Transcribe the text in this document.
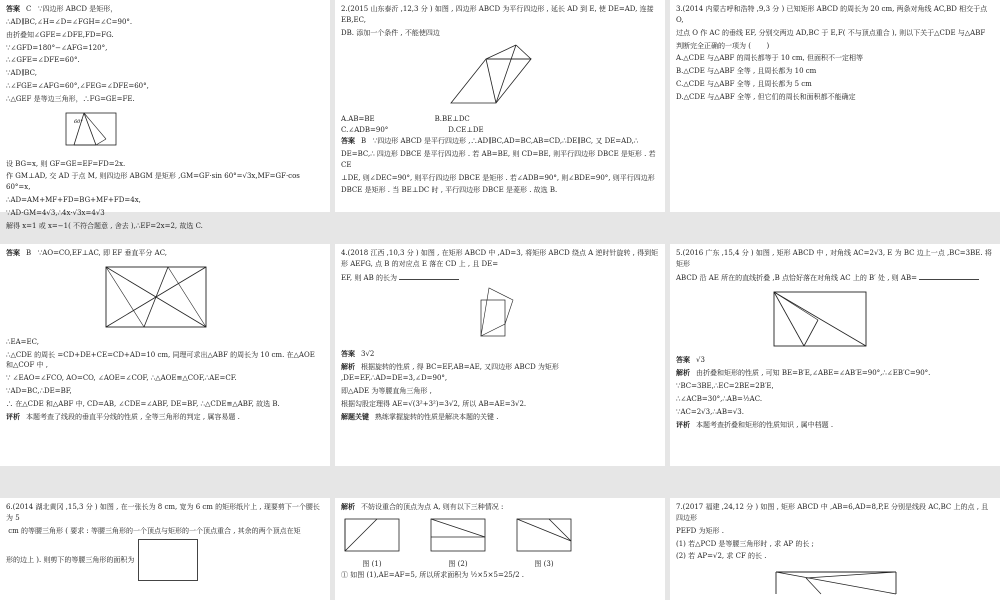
答案 C   ∵四边形 ABCD 是矩形，

∴AD∥BC,∠H=∠D=∠FGH=∠C=90°.

由折叠知∠GFE=∠DFE,FD=FG.

∵∠GFD=180°−∠AFG=120°,

∴∠GFE=∠DFE=60°.

∵AD∥BC,

∴∠FGE=∠AFG=60°,∠FEG=∠DFE=60°,

∴△GEF 是等边三角形，∴FG=GE=FE.

60°

设 BG=x, 则 GF=GE=EF=FD=2x.

作 GM⊥AD, 交 AD 于点 M, 则四边形 ABGM 是矩形 ,GM=GF·sin 60°=√3x,MF=GF·cos 60°=x,

∴AD=AM+MF+FD=BG+MF+FD=4x,

∵AD·GM=4√3,∴4x·√3x=4√3

解得 x=1 或 x=−1( 不符合题意 , 舍去 ),∴EF=2x=2, 故选 C.

2.(2015 山东泰沂 ,12,3 分 ) 如图 , 四边形 ABCD 为平行四边形 , 延长 AD 到 E, 使 DE=AD, 连接 EB,EC,

DB. 添加一个条件 , 不能使四边

A.AB=BE	B.BE⊥DC
C.∠ADB=90°	D.CE⊥DE

答案 B   ∵四边形 ABCD 是平行四边形 ,∴AD∥BC,AD=BC,AB=CD,∴DE∥BC, 又 DE=AD,∴

DE=BC,∴ 四边形 DBCE 是平行四边形 . 若 AB=BE, 则 CD=BE, 则平行四边形 DBCE 是矩形 . 若 CE

⊥DE, 则∠DEC=90°, 则平行四边形 DBCE 是矩形 . 若∠ADB=90°, 则∠BDE=90°, 则平行四边形

DBCE 是矩形 . 当 BE⊥DC 时 , 平行四边形 DBCE 是菱形 . 故选 B.

3.(2014 内蒙古呼和浩特 ,9,3 分 ) 已知矩形 ABCD 的周长为 20 cm, 两条对角线 AC,BD 相交于点 O,

过点 O 作 AC 的垂线 EF, 分别交两边 AD,BC 于 E,F( 不与顶点重合 ), 则以下关于△CDE 与△ABF

判断完全正确的一项为 (       )

A.△CDE 与△ABF 的周长都等于 10 cm, 但面积不一定相等

B.△CDE 与△ABF 全等 , 且周长都为 10 cm

C.△CDE 与△ABF 全等 , 且周长都为 5 cm

D.△CDE 与△ABF 全等 , 但它们的周长和面积都不能确定

答案 B   ∵AO=CO,EF⊥AC, 即 EF 垂直平分 AC,

∴EA=EC,

∴△CDE 的周长 =CD+DE+CE=CD+AD=10 cm, 同理可求出△ABF 的周长为 10 cm. 在△AOE 和△COF 中 ,

∵ ∠EAO=∠FCO, AO=CO, ∠AOE=∠COF, ∴△AOE≌△COF,∴AE=CF.

∵AD=BC,∴DE=BF,

∴ 在△CDE 和△ABF 中, CD=AB, ∠CDE=∠ABF, DE=BF, ∴△CDE≌△ABF, 故选 B.

评析 本题考查了线段的垂直平分线的性质 , 全等三角形的判定 , 属容易题 .

4.(2018 江西 ,10,3 分 ) 如图 , 在矩形 ABCD 中 ,AD=3, 将矩形 ABCD 绕点 A 逆时针旋转 , 得到矩形 AEFG, 点 B 的对应点 E 落在 CD 上 , 且 DE=

EF, 则 AB 的长为

答案 3√2

解析 根据旋转的性质 , 得 BC=EF,AB=AE, 又四边形 ABCD 为矩形 ,DE=EF,∴AD=DE=3,∠D=90°,

即△ADE 为等腰直角三角形 ,

根据勾股定理得 AE=√(3²+3²)=3√2, 所以 AB=AE=3√2.

解题关键 熟练掌握旋转的性质是解决本题的关键 .

5.(2016 广东 ,15,4 分 ) 如图 , 矩形 ABCD 中 , 对角线 AC=2√3, E 为 BC 边上一点 ,BC=3BE. 将矩形

ABCD 沿 AE 所在的直线折叠 ,B 点恰好落在对角线 AC 上的 B′ 处 , 则 AB=

答案 √3

解析 由折叠和矩形的性质 , 可知 BE=B′E,∠ABE=∠AB′E=90°,∴∠EB′C=90°.

∵BC=3BE,∴EC=2BE=2B′E,

∴∠ACB=30°,∴AB=½AC.

∵AC=2√3,∴AB=√3.

评析 本题考查折叠和矩形的性质知识 , 属中档题 .

6.(2014 湖北黄冈 ,15,3 分 ) 如图 , 在一张长为 8 cm, 宽为 6 cm 的矩形纸片上 , 现要剪下一个腰长为 5

cm 的等腰三角形 ( 要求 : 等腰三角形的一个顶点与矩形的一个顶点重合 , 其余的两个顶点在矩

形的边上 ). 则剪下的等腰三角形的面积为

解析 不妨设重合的顶点为点 A, 则有以下三种情况 :

图 (1)	图 (2)	图 (3)

① 如图 (1),AE=AF=5, 所以所求面积为 ½×5×5=25/2 .

7.(2017 福建 ,24,12 分 ) 如图 , 矩形 ABCD 中 ,AB=6,AD=8,P,E 分别是线段 AC,BC 上的点 , 且四边形

PEFD 为矩形 .

(1) 若△PCD 是等腰三角形时 , 求 AP 的长 ;

(2) 若 AP=√2, 求 CF 的长 .
